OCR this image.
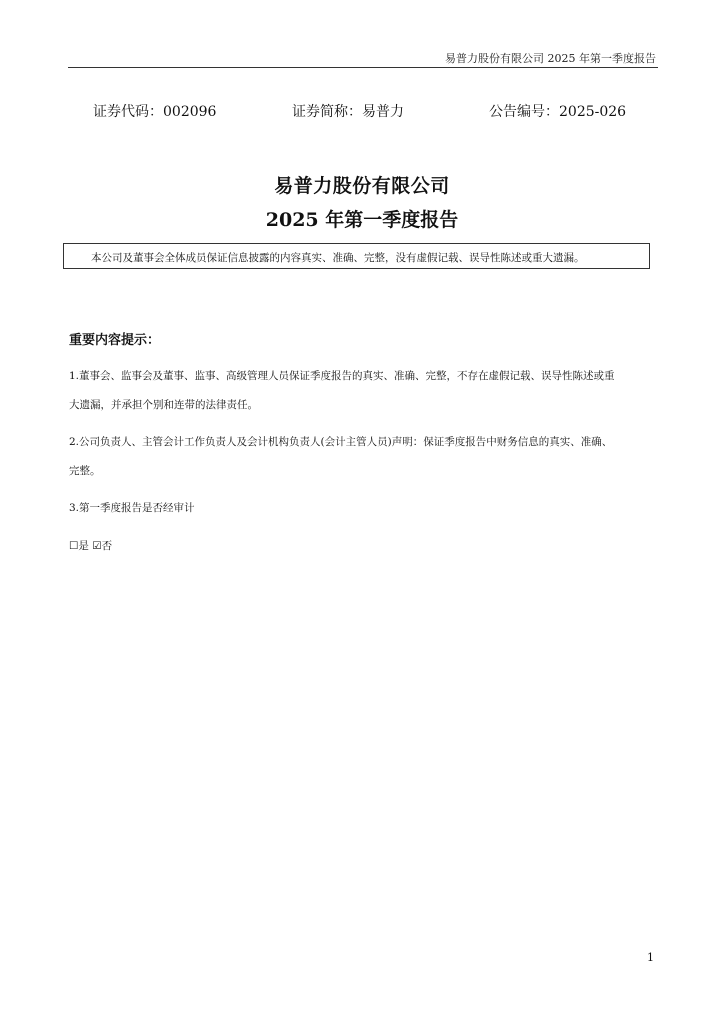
易普力股份有限公司 2025 年第一季度报告
证券代码：002096	证券简称：易普力	公告编号：2025-026
易普力股份有限公司
2025 年第一季度报告
本公司及董事会全体成员保证信息披露的内容真实、准确、完整，没有虚假记载、误导性陈述或重大遗漏。
重要内容提示：
1.董事会、监事会及董事、监事、高级管理人员保证季度报告的真实、准确、完整，不存在虚假记载、误导性陈述或重
大遗漏，并承担个别和连带的法律责任。
2.公司负责人、主管会计工作负责人及会计机构负责人(会计主管人员)声明：保证季度报告中财务信息的真实、准确、
完整。
3.第一季度报告是否经审计
☐是 ☑否
1
